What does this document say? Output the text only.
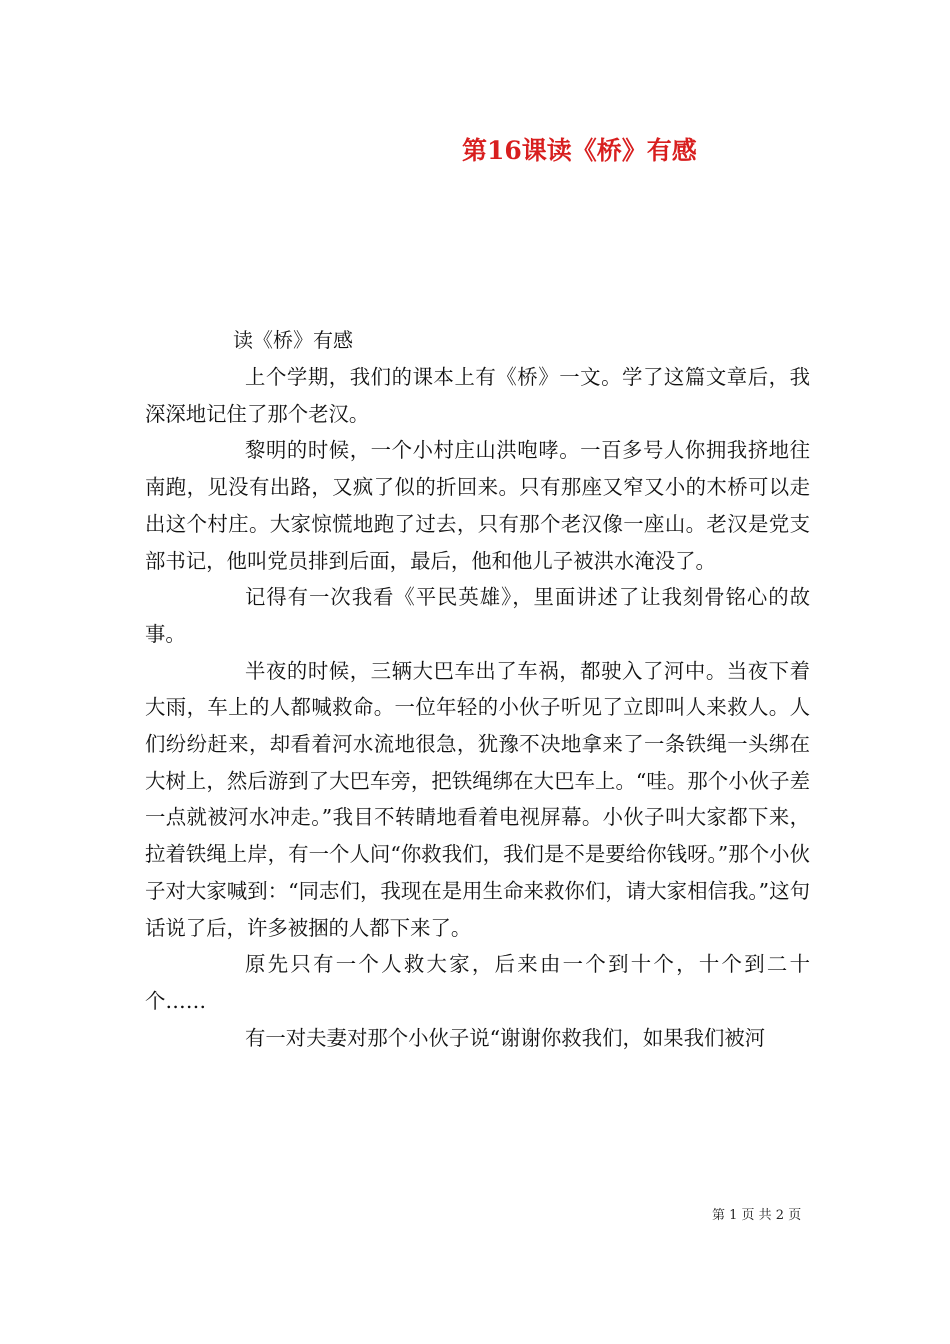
第16课读《桥》有感

读《桥》有感

上个学期，我们的课本上有《桥》一文。学了这篇文章后，我深深地记住了那个老汉。

黎明的时候，一个小村庄山洪咆哮。一百多号人你拥我挤地往南跑，见没有出路，又疯了似的折回来。只有那座又窄又小的木桥可以走出这个村庄。大家惊慌地跑了过去，只有那个老汉像一座山。老汉是党支部书记，他叫党员排到后面，最后，他和他儿子被洪水淹没了。

记得有一次我看《平民英雄》，里面讲述了让我刻骨铭心的故事。

半夜的时候，三辆大巴车出了车祸，都驶入了河中。当夜下着大雨，车上的人都喊救命。一位年轻的小伙子听见了立即叫人来救人。人们纷纷赶来，却看着河水流地很急，犹豫不决地拿来了一条铁绳一头绑在大树上，然后游到了大巴车旁，把铁绳绑在大巴车上。“哇。那个小伙子差一点就被河水冲走。”我目不转睛地看着电视屏幕。小伙子叫大家都下来，拉着铁绳上岸，有一个人问“你救我们，我们是不是要给你钱呀。”那个小伙子对大家喊到：“同志们，我现在是用生命来救你们，请大家相信我。”这句话说了后，许多被捆的人都下来了。

原先只有一个人救大家，后来由一个到十个，十个到二十个……

有一对夫妻对那个小伙子说“谢谢你救我们，如果我们被河

第 1 页 共 2 页
